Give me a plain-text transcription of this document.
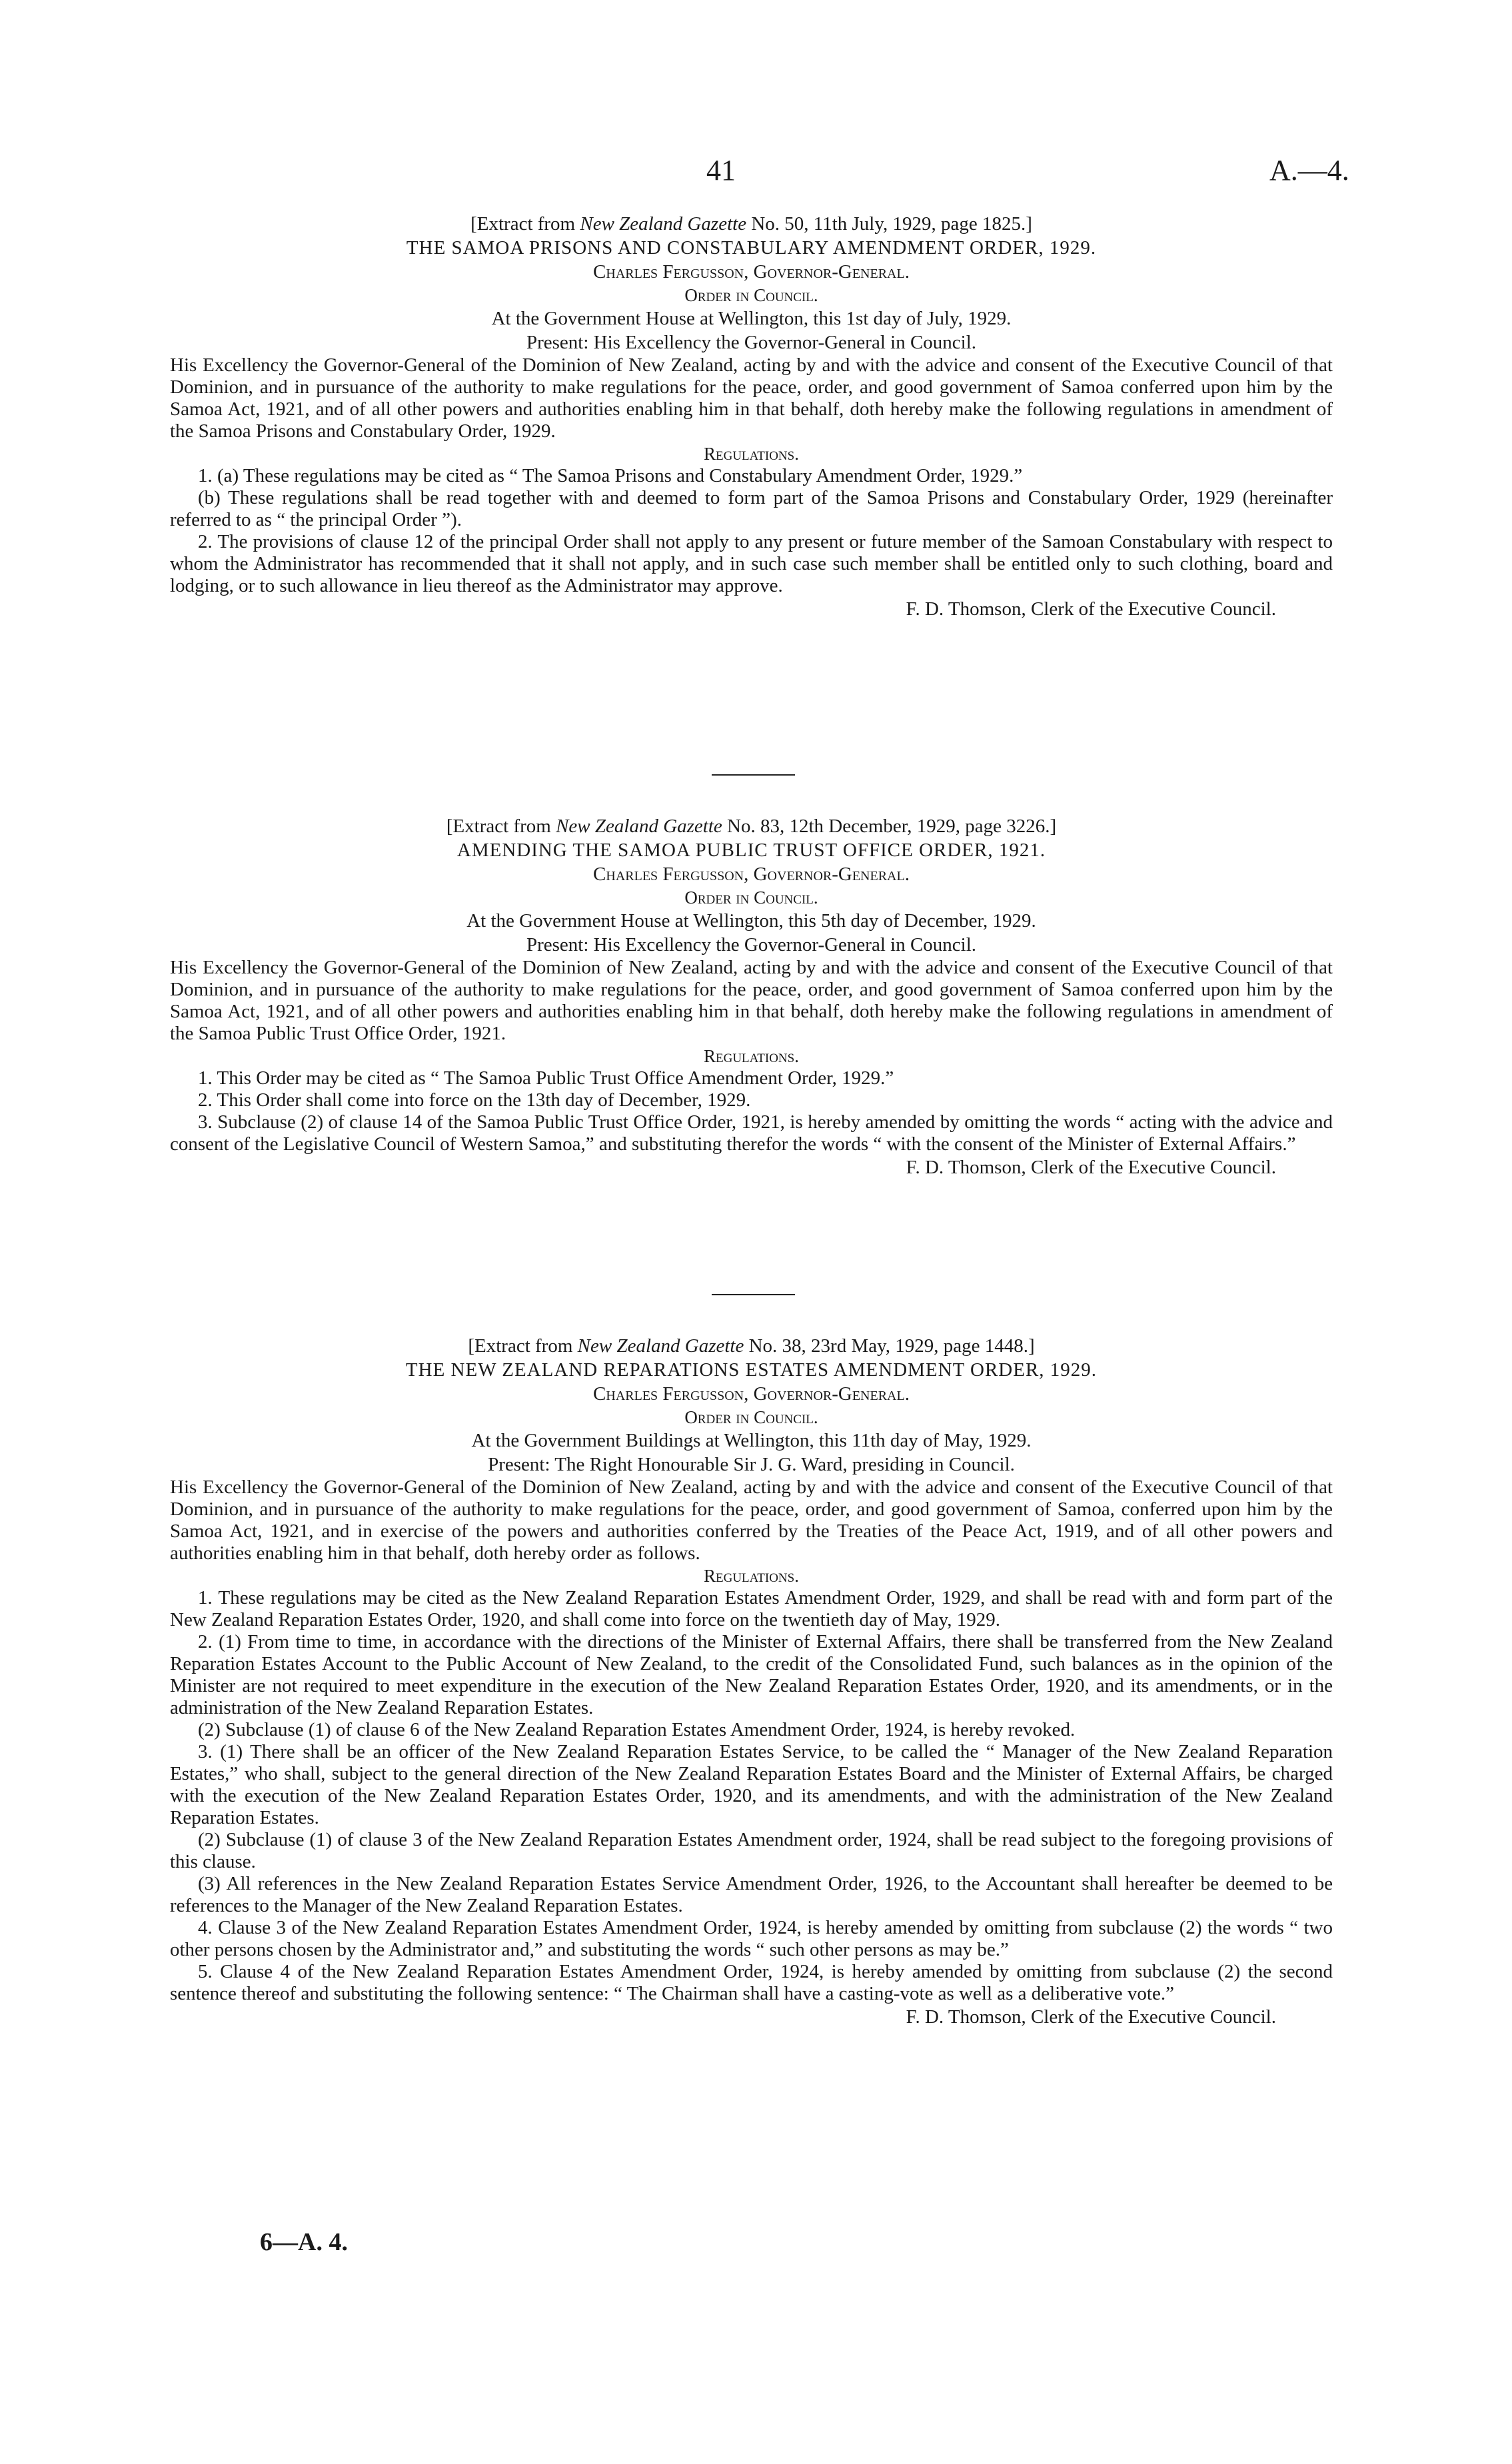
41	A.—4.
[Extract from New Zealand Gazette No. 50, 11th July, 1929, page 1825.]
THE SAMOA PRISONS AND CONSTABULARY AMENDMENT ORDER, 1929.
Charles Fergusson, Governor-General.
Order in Council.
At the Government House at Wellington, this 1st day of July, 1929.
Present: His Excellency the Governor-General in Council.
His Excellency the Governor-General of the Dominion of New Zealand, acting by and with the advice and consent of the Executive Council of that Dominion, and in pursuance of the authority to make regulations for the peace, order, and good government of Samoa conferred upon him by the Samoa Act, 1921, and of all other powers and authorities enabling him in that behalf, doth hereby make the following regulations in amendment of the Samoa Prisons and Constabulary Order, 1929.
Regulations.
1. (a) These regulations may be cited as “ The Samoa Prisons and Constabulary Amendment Order, 1929.”
(b) These regulations shall be read together with and deemed to form part of the Samoa Prisons and Constabulary Order, 1929 (hereinafter referred to as “ the principal Order ”).
2. The provisions of clause 12 of the principal Order shall not apply to any present or future member of the Samoan Constabulary with respect to whom the Administrator has recommended that it shall not apply, and in such case such member shall be entitled only to such clothing, board and lodging, or to such allowance in lieu thereof as the Administrator may approve.
F. D. Thomson, Clerk of the Executive Council.
[Extract from New Zealand Gazette No. 83, 12th December, 1929, page 3226.]
AMENDING THE SAMOA PUBLIC TRUST OFFICE ORDER, 1921.
Charles Fergusson, Governor-General.
Order in Council.
At the Government House at Wellington, this 5th day of December, 1929.
Present: His Excellency the Governor-General in Council.
His Excellency the Governor-General of the Dominion of New Zealand, acting by and with the advice and consent of the Executive Council of that Dominion, and in pursuance of the authority to make regulations for the peace, order, and good government of Samoa conferred upon him by the Samoa Act, 1921, and of all other powers and authorities enabling him in that behalf, doth hereby make the following regulations in amendment of the Samoa Public Trust Office Order, 1921.
Regulations.
1. This Order may be cited as “ The Samoa Public Trust Office Amendment Order, 1929.”
2. This Order shall come into force on the 13th day of December, 1929.
3. Subclause (2) of clause 14 of the Samoa Public Trust Office Order, 1921, is hereby amended by omitting the words “ acting with the advice and consent of the Legislative Council of Western Samoa,” and substituting therefor the words “ with the consent of the Minister of External Affairs.”
F. D. Thomson, Clerk of the Executive Council.
[Extract from New Zealand Gazette No. 38, 23rd May, 1929, page 1448.]
THE NEW ZEALAND REPARATIONS ESTATES AMENDMENT ORDER, 1929.
Charles Fergusson, Governor-General.
Order in Council.
At the Government Buildings at Wellington, this 11th day of May, 1929.
Present: The Right Honourable Sir J. G. Ward, presiding in Council.
His Excellency the Governor-General of the Dominion of New Zealand, acting by and with the advice and consent of the Executive Council of that Dominion, and in pursuance of the authority to make regulations for the peace, order, and good government of Samoa, conferred upon him by the Samoa Act, 1921, and in exercise of the powers and authorities conferred by the Treaties of the Peace Act, 1919, and of all other powers and authorities enabling him in that behalf, doth hereby order as follows.
Regulations.
1. These regulations may be cited as the New Zealand Reparation Estates Amendment Order, 1929, and shall be read with and form part of the New Zealand Reparation Estates Order, 1920, and shall come into force on the twentieth day of May, 1929.
2. (1) From time to time, in accordance with the directions of the Minister of External Affairs, there shall be transferred from the New Zealand Reparation Estates Account to the Public Account of New Zealand, to the credit of the Consolidated Fund, such balances as in the opinion of the Minister are not required to meet expenditure in the execution of the New Zealand Reparation Estates Order, 1920, and its amendments, or in the administration of the New Zealand Reparation Estates.
(2) Subclause (1) of clause 6 of the New Zealand Reparation Estates Amendment Order, 1924, is hereby revoked.
3. (1) There shall be an officer of the New Zealand Reparation Estates Service, to be called the “ Manager of the New Zealand Reparation Estates,” who shall, subject to the general direction of the New Zealand Reparation Estates Board and the Minister of External Affairs, be charged with the execution of the New Zealand Reparation Estates Order, 1920, and its amendments, and with the administration of the New Zealand Reparation Estates.
(2) Subclause (1) of clause 3 of the New Zealand Reparation Estates Amendment order, 1924, shall be read subject to the foregoing provisions of this clause.
(3) All references in the New Zealand Reparation Estates Service Amendment Order, 1926, to the Accountant shall hereafter be deemed to be references to the Manager of the New Zealand Reparation Estates.
4. Clause 3 of the New Zealand Reparation Estates Amendment Order, 1924, is hereby amended by omitting from subclause (2) the words “ two other persons chosen by the Administrator and,” and substituting the words “ such other persons as may be.”
5. Clause 4 of the New Zealand Reparation Estates Amendment Order, 1924, is hereby amended by omitting from subclause (2) the second sentence thereof and substituting the following sentence: “ The Chairman shall have a casting-vote as well as a deliberative vote.”
F. D. Thomson, Clerk of the Executive Council.
6—A. 4.
